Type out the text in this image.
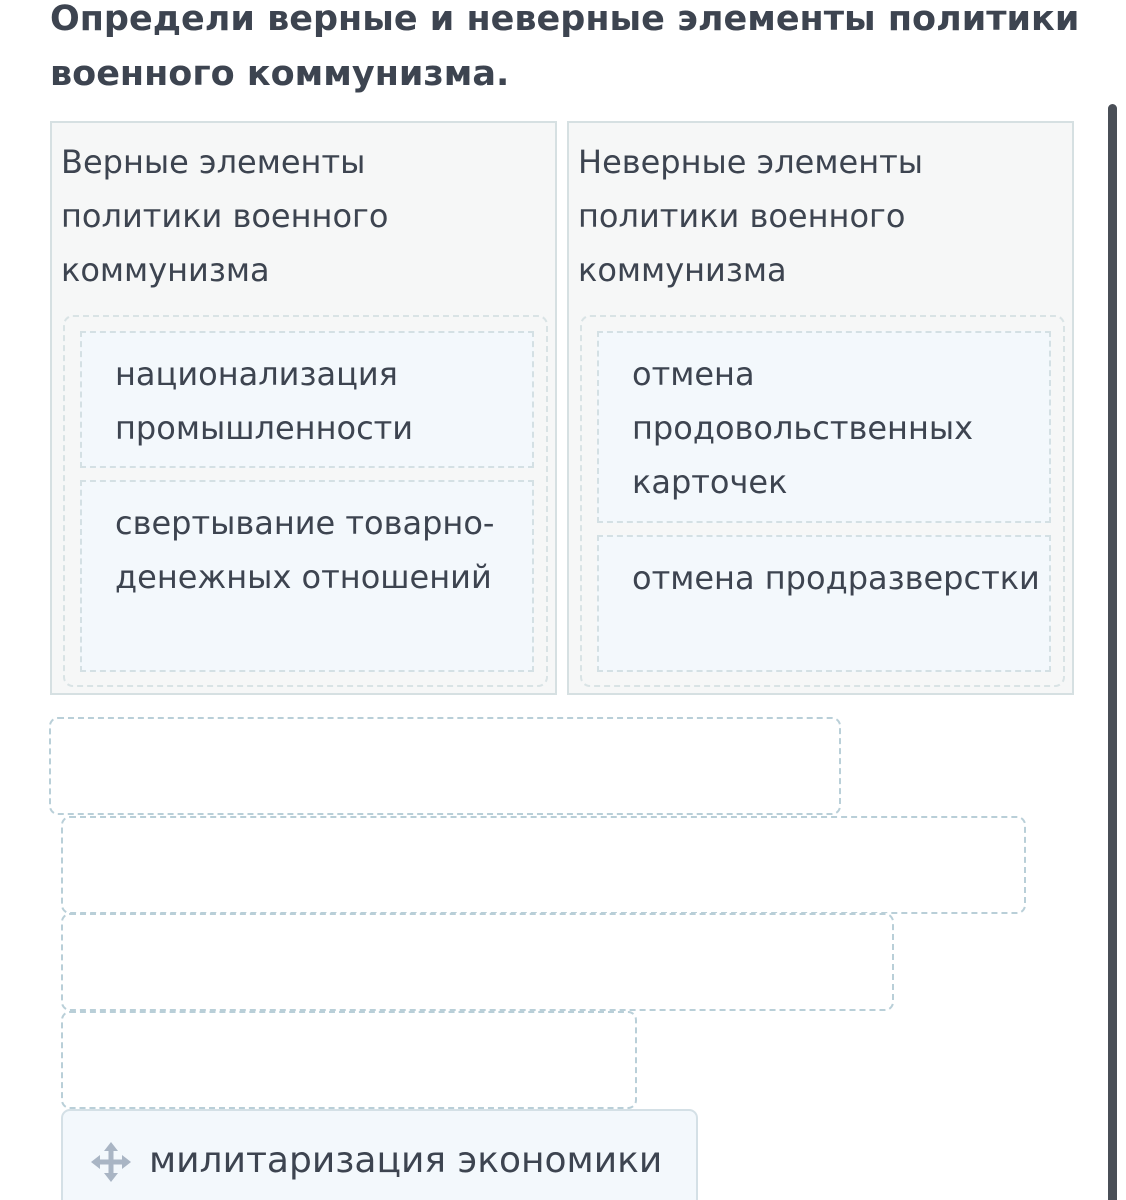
Определи верные и неверные элементы политики военного коммунизма.
Верные элементы политики военного коммунизма
национализация промышленности
свертывание товарно-денежных отношений
Неверные элементы политики военного коммунизма
отмена продовольственных карточек
отмена продразверстки
милитаризация экономики
